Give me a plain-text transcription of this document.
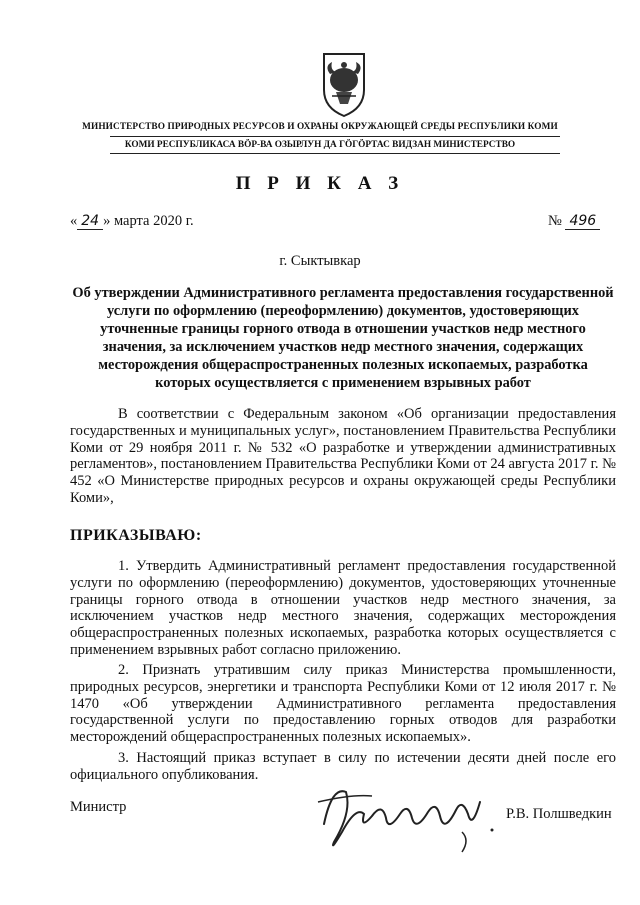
МИНИСТЕРСТВО ПРИРОДНЫХ РЕСУРСОВ И ОХРАНЫ ОКРУЖАЮЩЕЙ СРЕДЫ РЕСПУБЛИКИ КОМИ
КОМИ РЕСПУБЛИКАСА ВÖР-ВА ОЗЫРЛУН ДА ГÖГÖРТАС ВИДЗАН МИНИСТЕРСТВО
П Р И К А З
« 24 » марта 2020 г.	№ 496
г. Сыктывкар
Об утверждении Административного регламента предоставления государственной услуги по оформлению (переоформлению) документов, удостоверяющих уточненные границы горного отвода в отношении участков недр местного значения, за исключением участков недр местного значения, содержащих месторождения общераспространенных полезных ископаемых, разработка которых осуществляется с применением взрывных работ
В соответствии с Федеральным законом «Об организации предоставления государственных и муниципальных услуг», постановлением Правительства Республики Коми от 29 ноября 2011 г. № 532 «О разработке и утверждении административных регламентов», постановлением Правительства Республики Коми от 24 августа 2017 г. № 452 «О Министерстве природных ресурсов и охраны окружающей среды Республики Коми»,
ПРИКАЗЫВАЮ:
1. Утвердить Административный регламент предоставления государственной услуги по оформлению (переоформлению) документов, удостоверяющих уточненные границы горного отвода в отношении участков недр местного значения, за исключением участков недр местного значения, содержащих месторождения общераспространенных полезных ископаемых, разработка которых осуществляется с применением взрывных работ согласно приложению.
2. Признать утратившим силу приказ Министерства промышленности, природных ресурсов, энергетики и транспорта Республики Коми от 12 июля 2017 г. № 1470 «Об утверждении Административного регламента предоставления государственной услуги по предоставлению горных отводов для разработки месторождений общераспространенных полезных ископаемых».
3. Настоящий приказ вступает в силу по истечении десяти дней после его официального опубликования.
Министр	Р.В. Полшведкин
